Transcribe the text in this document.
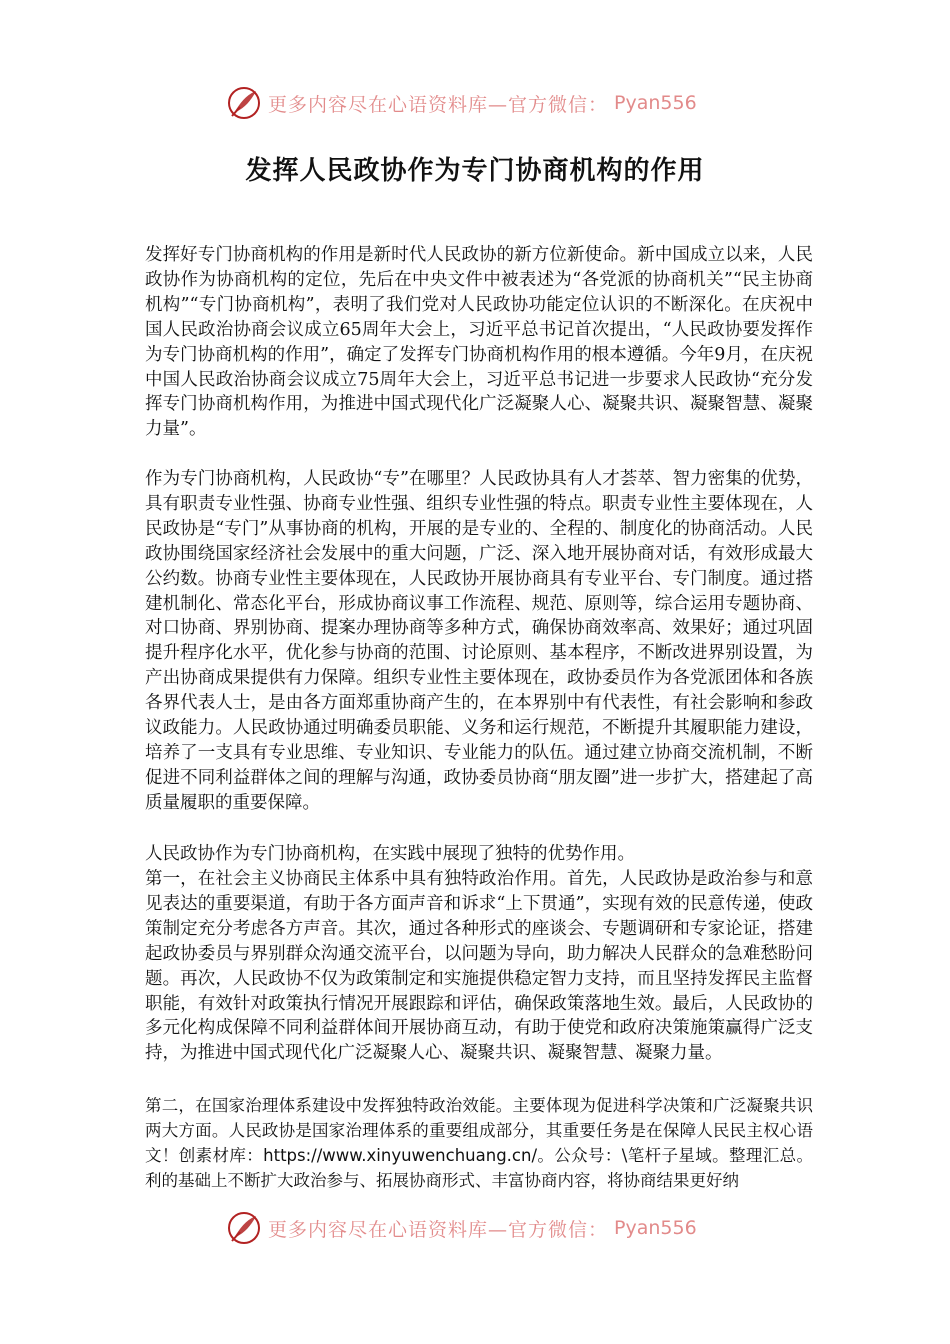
更多内容尽在心语资料库—官方微信： Pyan556
发挥人民政协作为专门协商机构的作用

发挥好专门协商机构的作用是新时代人民政协的新方位新使命。新中国成立以来，人民政协作为协商机构的定位，先后在中央文件中被表述为“各党派的协商机关”“民主协商机构”“专门协商机构”，表明了我们党对人民政协功能定位认识的不断深化。在庆祝中国人民政治协商会议成立65周年大会上，习近平总书记首次提出，“人民政协要发挥作为专门协商机构的作用”，确定了发挥专门协商机构作用的根本遵循。今年9月，在庆祝中国人民政治协商会议成立75周年大会上，习近平总书记进一步要求人民政协“充分发挥专门协商机构作用，为推进中国式现代化广泛凝聚人心、凝聚共识、凝聚智慧、凝聚力量”。

作为专门协商机构，人民政协“专”在哪里？人民政协具有人才荟萃、智力密集的优势，具有职责专业性强、协商专业性强、组织专业性强的特点。职责专业性主要体现在，人民政协是“专门”从事协商的机构，开展的是专业的、全程的、制度化的协商活动。人民政协围绕国家经济社会发展中的重大问题，广泛、深入地开展协商对话，有效形成最大公约数。协商专业性主要体现在，人民政协开展协商具有专业平台、专门制度。通过搭建机制化、常态化平台，形成协商议事工作流程、规范、原则等，综合运用专题协商、对口协商、界别协商、提案办理协商等多种方式，确保协商效率高、效果好；通过巩固提升程序化水平，优化参与协商的范围、讨论原则、基本程序，不断改进界别设置，为产出协商成果提供有力保障。组织专业性主要体现在，政协委员作为各党派团体和各族各界代表人士，是由各方面郑重协商产生的，在本界别中有代表性，有社会影响和参政议政能力。人民政协通过明确委员职能、义务和运行规范，不断提升其履职能力建设，培养了一支具有专业思维、专业知识、专业能力的队伍。通过建立协商交流机制，不断促进不同利益群体之间的理解与沟通，政协委员协商“朋友圈”进一步扩大，搭建起了高质量履职的重要保障。

人民政协作为专门协商机构，在实践中展现了独特的优势作用。

第一，在社会主义协商民主体系中具有独特政治作用。首先，人民政协是政治参与和意见表达的重要渠道，有助于各方面声音和诉求“上下贯通”，实现有效的民意传递，使政策制定充分考虑各方声音。其次，通过各种形式的座谈会、专题调研和专家论证，搭建起政协委员与界别群众沟通交流平台，以问题为导向，助力解决人民群众的急难愁盼问题。再次，人民政协不仅为政策制定和实施提供稳定智力支持，而且坚持发挥民主监督职能，有效针对政策执行情况开展跟踪和评估，确保政策落地生效。最后，人民政协的多元化构成保障不同利益群体间开展协商互动，有助于使党和政府决策施策赢得广泛支持，为推进中国式现代化广泛凝聚人心、凝聚共识、凝聚智慧、凝聚力量。

第二，在国家治理体系建设中发挥独特政治效能。主要体现为促进科学决策和广泛凝聚共识两大方面。人民政协是国家治理体系的重要组成部分，其重要任务是在保障人民民主权心语文！创素材库：https://www.xinyuwenchuang.cn/。公众号：\笔杆子星域。整理汇总。利的基础上不断扩大政治参与、拓展协商形式、丰富协商内容，将协商结果更好纳

更多内容尽在心语资料库—官方微信： Pyan556
